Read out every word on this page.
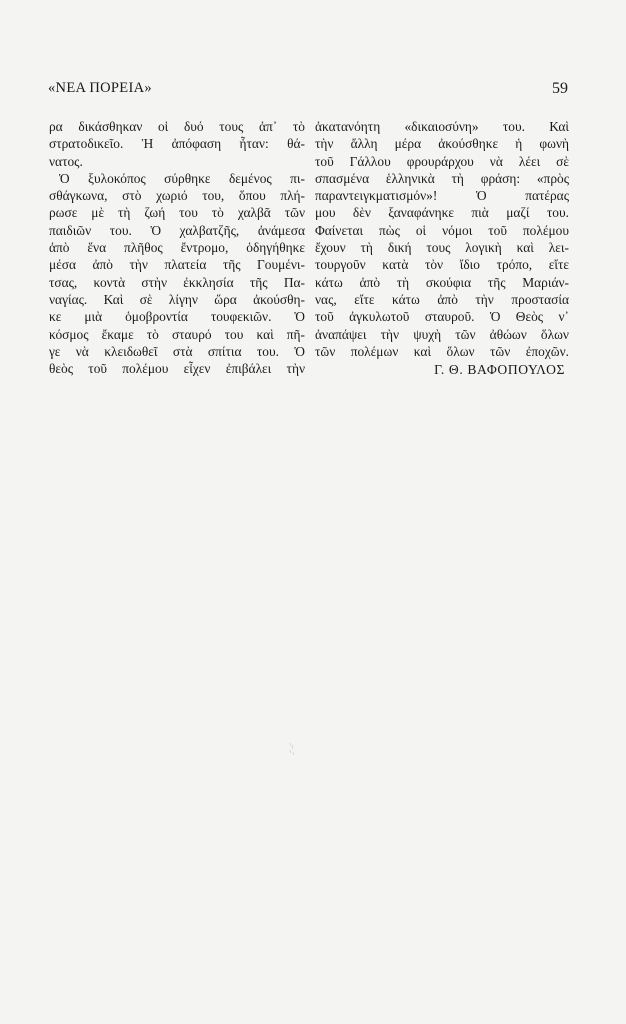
«ΝΕΑ ΠΟΡΕΙΑ»	59
ρα δικάσθηκαν οἱ δυό τους ἀπ᾽ τὸ
στρατοδικεῖο. Ἡ ἀπόφαση ἦταν: θά-
νατος.
Ὁ ξυλοκόπος σύρθηκε δεμένος πι-
σθάγκωνα, στὸ χωριό του, ὅπου πλή-
ρωσε μὲ τὴ ζωή του τὸ χαλβᾶ τῶν
παιδιῶν του. Ὁ χαλβατζῆς, ἀνάμεσα
ἀπὸ ἕνα πλῆθος ἔντρομο, ὁδηγήθηκε
μέσα ἀπὸ τὴν πλατεία τῆς Γουμένι-
τσας, κοντὰ στὴν ἐκκλησία τῆς Πα-
ναγίας. Καὶ σὲ λίγην ὥρα ἀκούσθη-
κε μιὰ ὁμοβροντία τουφεκιῶν. Ὁ
κόσμος ἔκαμε τὸ σταυρό του καὶ πῆ-
γε νὰ κλειδωθεῖ στὰ σπίτια του. Ὁ
θεὸς τοῦ πολέμου εἶχεν ἐπιβάλει τὴν
ἀκατανόητη «δικαιοσύνη» του. Καὶ
τὴν ἄλλη μέρα ἀκούσθηκε ἡ φωνὴ
τοῦ Γάλλου φρουράρχου νὰ λέει σὲ
σπασμένα ἑλληνικὰ τὴ φράση: «πρὸς
παραντειγκματισμόν»! Ὁ πατέρας
μου δὲν ξαναφάνηκε πιὰ μαζί του.
Φαίνεται πὼς οἱ νόμοι τοῦ πολέμου
ἔχουν τὴ δική τους λογικὴ καὶ λει-
τουργοῦν κατὰ τὸν ἴδιο τρόπο, εἴτε
κάτω ἀπὸ τὴ σκούφια τῆς Μαριάν-
νας, εἴτε κάτω ἀπὸ τὴν προστασία
τοῦ ἀγκυλωτοῦ σταυροῦ. Ὁ Θεὸς ν᾽
ἀναπάψει τὴν ψυχὴ τῶν ἀθώων ὅλων
τῶν πολέμων καὶ ὅλων τῶν ἐποχῶν.
Γ. Θ. ΒΑΦΟΠΟΥΛΟΣ
